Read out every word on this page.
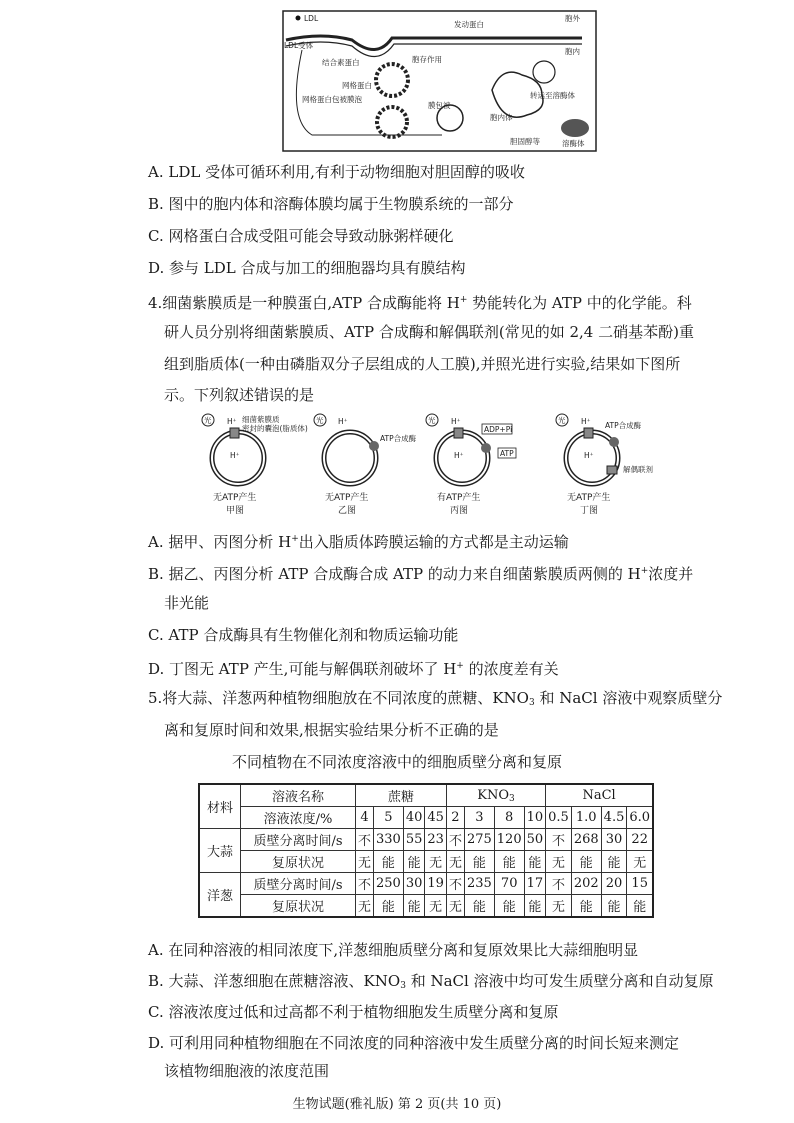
LDL	胞外
胞内
LDL受体
发动蛋白
结合素蛋白
网格蛋白
胞存作用
网格蛋白包被膜泡
胞内体
转运至溶酶体
胆固醇等	溶酶体
膜包被
A. LDL 受体可循环利用,有利于动物细胞对胆固醇的吸收
B. 图中的胞内体和溶酶体膜均属于生物膜系统的一部分
C. 网格蛋白合成受阻可能会导致动脉粥样硬化
D. 参与 LDL 合成与加工的细胞器均具有膜结构
4.细菌紫膜质是一种膜蛋白,ATP 合成酶能将 H+ 势能转化为 ATP 中的化学能。科
研人员分别将细菌紫膜质、ATP 合成酶和解偶联剂(常见的如 2,4 二硝基苯酚)重
组到脂质体(一种由磷脂双分子层组成的人工膜),并照光进行实验,结果如下图所
示。下列叙述错误的是
光 H⁺ 细菌紫膜质
密封的囊泡(脂质体)
H⁺
无ATP产生
甲图
光 H⁺
ATP合成酶
无ATP产生
乙图
光 H⁺
ADP+Pi
ATP
H⁺
有ATP产生
丙图
光 H⁺ ATP合成酶
解偶联剂
H⁺
无ATP产生
丁图
A. 据甲、丙图分析 H+出入脂质体跨膜运输的方式都是主动运输
B. 据乙、丙图分析 ATP 合成酶合成 ATP 的动力来自细菌紫膜质两侧的 H+浓度并
非光能
C. ATP 合成酶具有生物催化剂和物质运输功能
D. 丁图无 ATP 产生,可能与解偶联剂破坏了 H+ 的浓度差有关
5.将大蒜、洋葱两种植物细胞放在不同浓度的蔗糖、$KNO_3$ 和 NaCl 溶液中观察质壁分
离和复原时间和效果,根据实验结果分析不正确的是
不同植物在不同浓度溶液中的细胞质壁分离和复原
材料	溶液名称	蔗糖				$KNO_3$				NaCl			
	溶液浓度/%	4	5	40	45	2	3	8	10	0.5	1.0	4.5	6.0
大蒜	质壁分离时间/s	不	330	55	23	不	275	120	50	不	268	30	22
	复原状况	无	能	能	无	无	能	能	能	无	能	能	无
洋葱	质壁分离时间/s	不	250	30	19	不	235	70	17	不	202	20	15
	复原状况	无	能	能	无	无	能	能	能	无	能	能	能
A. 在同种溶液的相同浓度下,洋葱细胞质壁分离和复原效果比大蒜细胞明显
B. 大蒜、洋葱细胞在蔗糖溶液、$KNO_3$ 和 NaCl 溶液中均可发生质壁分离和自动复原
C. 溶液浓度过低和过高都不利于植物细胞发生质壁分离和复原
D. 可利用同种植物细胞在不同浓度的同种溶液中发生质壁分离的时间长短来测定
该植物细胞液的浓度范围
生物试题(雅礼版) 第 2 页(共 10 页)
